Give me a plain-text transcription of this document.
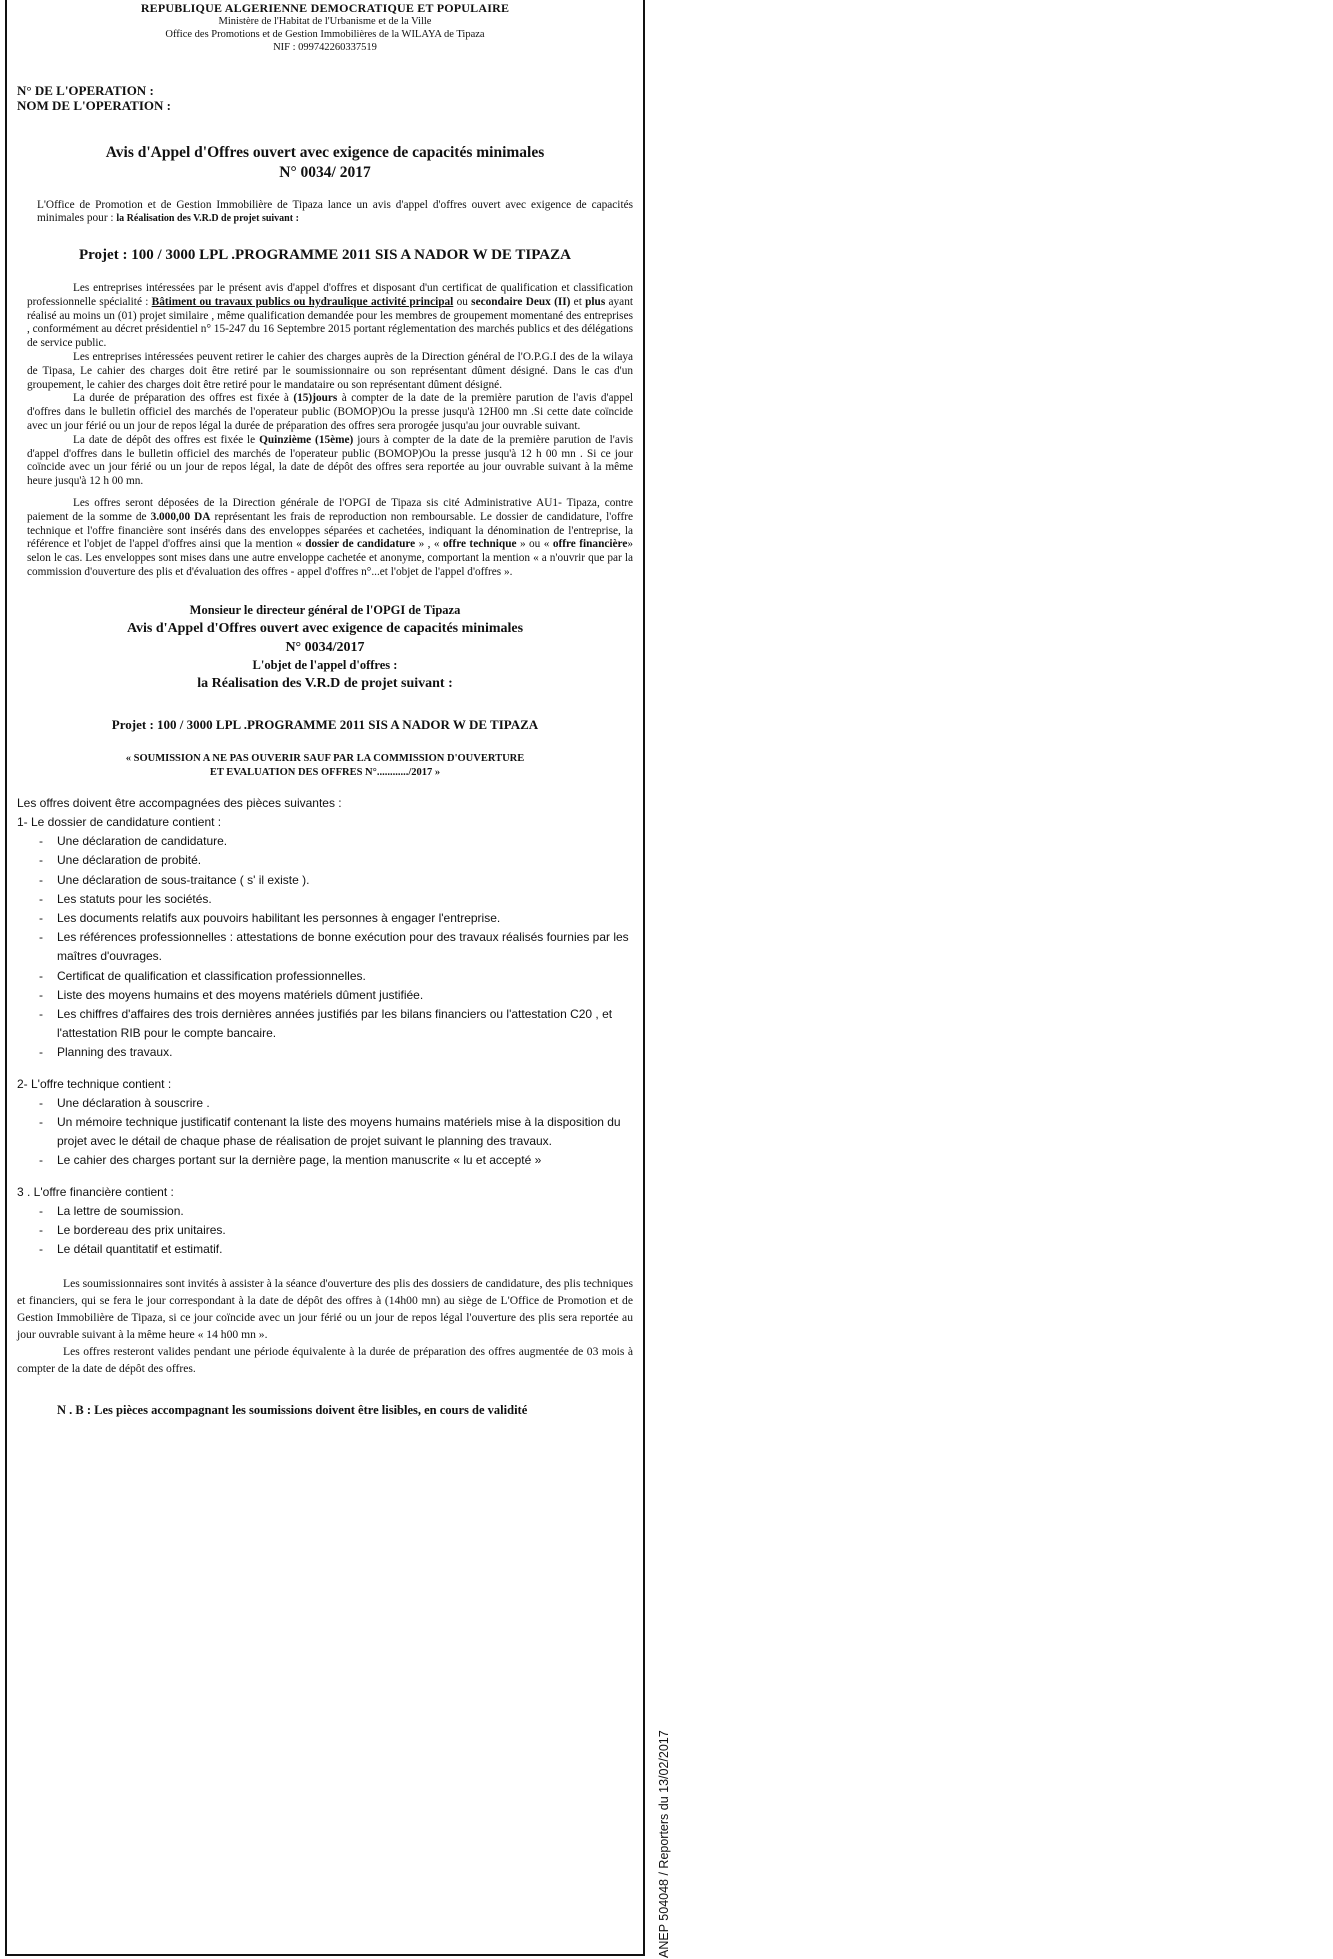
REPUBLIQUE ALGERIENNE DEMOCRATIQUE ET POPULAIRE
Ministère de l'Habitat de l'Urbanisme et de la Ville
Office des Promotions et de Gestion Immobilières de la WILAYA de Tipaza
NIF : 099742260337519
N° DE L'OPERATION :
NOM DE L'OPERATION :
Avis d'Appel d'Offres ouvert avec exigence de capacités minimales
N° 0034/ 2017
L'Office de Promotion et de Gestion Immobilière de Tipaza lance un avis d'appel d'offres ouvert avec exigence de capacités minimales pour : la Réalisation des V.R.D de projet suivant :
Projet : 100 / 3000 LPL .PROGRAMME 2011 SIS A NADOR W DE TIPAZA
Les entreprises intéressées par le présent avis d'appel d'offres et disposant d'un certificat de qualification et classification professionnelle spécialité : Bâtiment ou travaux publics ou hydraulique activité principal ou secondaire Deux (II) et plus ayant réalisé au moins un (01) projet similaire , même qualification demandée pour les membres de groupement momentané des entreprises , conformément au décret présidentiel n° 15-247 du 16 Septembre 2015 portant réglementation des marchés publics et des délégations de service public.
Les entreprises intéressées peuvent retirer le cahier des charges auprès de la Direction général de l'O.P.G.I des de la wilaya de Tipasa, Le cahier des charges doit être retiré par le soumissionnaire ou son représentant dûment désigné. Dans le cas d'un groupement, le cahier des charges doit être retiré pour le mandataire ou son représentant dûment désigné.
La durée de préparation des offres est fixée à (15)jours à compter de la date de la première parution de l'avis d'appel d'offres dans le bulletin officiel des marchés de l'operateur public (BOMOP)Ou la presse jusqu'à 12H00 mn .Si cette date coïncide avec un jour férié ou un jour de repos légal la durée de préparation des offres sera prorogée jusqu'au jour ouvrable suivant.
La date de dépôt des offres est fixée le Quinzième (15ème) jours à compter de la date de la première parution de l'avis d'appel d'offres dans le bulletin officiel des marchés de l'operateur public (BOMOP)Ou la presse jusqu'à 12 h 00 mn . Si ce jour coïncide avec un jour férié ou un jour de repos légal, la date de dépôt des offres sera reportée au jour ouvrable suivant à la même heure jusqu'à 12 h 00 mn.
Les offres seront déposées de la Direction générale de l'OPGI de Tipaza sis cité Administrative AU1- Tipaza, contre paiement de la somme de 3.000,00 DA représentant les frais de reproduction non remboursable. Le dossier de candidature, l'offre technique et l'offre financière sont insérés dans des enveloppes séparées et cachetées, indiquant la dénomination de l'entreprise, la référence et l'objet de l'appel d'offres ainsi que la mention « dossier de candidature » , « offre technique » ou « offre financière» selon le cas. Les enveloppes sont mises dans une autre enveloppe cachetée et anonyme, comportant la mention « a n'ouvrir que par la commission d'ouverture des plis et d'évaluation des offres - appel d'offres n°...et l'objet de l'appel d'offres ».
Monsieur le directeur général de l'OPGI de Tipaza
Avis d'Appel d'Offres ouvert avec exigence de capacités minimales
N° 0034/2017
L'objet de l'appel d'offres :
la Réalisation des V.R.D de projet suivant :
Projet : 100 / 3000 LPL .PROGRAMME 2011 SIS A NADOR W DE TIPAZA
« SOUMISSION A NE PAS OUVERIR SAUF PAR LA COMMISSION D'OUVERTURE
ET EVALUATION DES OFFRES N°............/2017 »
Les offres doivent être accompagnées des pièces suivantes :
1- Le dossier de candidature contient :
- Une déclaration de candidature.
- Une déclaration de probité.
- Une déclaration de sous-traitance ( s' il existe ).
- Les statuts pour les sociétés.
- Les documents relatifs aux pouvoirs habilitant les personnes à engager l'entreprise.
- Les références professionnelles : attestations de bonne exécution pour des travaux réalisés fournies par les maîtres d'ouvrages.
- Certificat de qualification et classification professionnelles.
- Liste des moyens humains et des moyens matériels dûment justifiée.
- Les chiffres d'affaires des trois dernières années justifiés par les bilans financiers ou l'attestation C20 , et l'attestation RIB pour le compte bancaire.
- Planning des travaux.
2- L'offre technique contient :
- Une déclaration à souscrire .
- Un mémoire technique justificatif contenant la liste des moyens humains matériels mise à la disposition du projet avec le détail de chaque phase de réalisation de projet suivant le planning des travaux.
- Le cahier des charges portant sur la dernière page, la mention manuscrite « lu et accepté »
3 . L'offre financière contient :
- La lettre de soumission.
- Le bordereau des prix unitaires.
- Le détail quantitatif et estimatif.
Les soumissionnaires sont invités à assister à la séance d'ouverture des plis des dossiers de candidature, des plis techniques et financiers, qui se fera le jour correspondant à la date de dépôt des offres à (14h00 mn) au siège de L'Office de Promotion et de Gestion Immobilière de Tipaza, si ce jour coïncide avec un jour férié ou un jour de repos légal l'ouverture des plis sera reportée au jour ouvrable suivant à la même heure « 14 h00 mn ».
Les offres resteront valides pendant une période équivalente à la durée de préparation des offres augmentée de 03 mois à compter de la date de dépôt des offres.
N . B : Les pièces accompagnant les soumissions doivent être lisibles, en cours de validité
ANEP 504048 / Reporters du 13/02/2017
